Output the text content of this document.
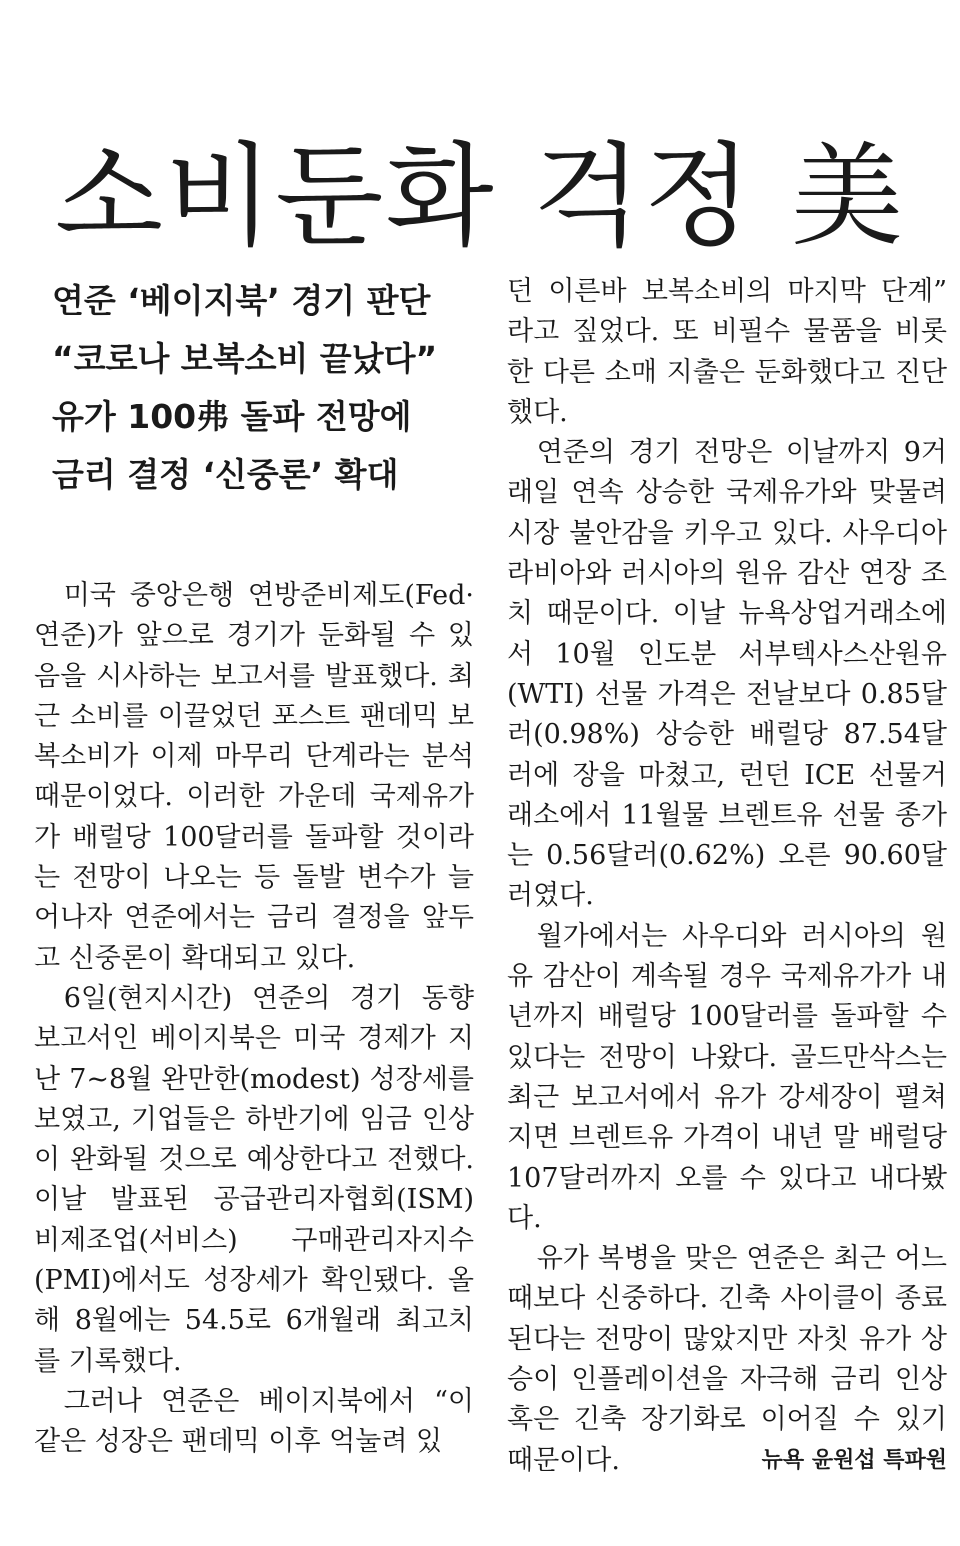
소비둔화 걱정 美
연준 ‘베이지북’ 경기 판단
“코로나 보복소비 끝났다”
유가 100弗 돌파 전망에
금리 결정 ‘신중론’ 확대

미국 중앙은행 연방준비제도(Fed·연준)가 앞으로 경기가 둔화될 수 있음을 시사하는 보고서를 발표했다. 최근 소비를 이끌었던 포스트 팬데믹 보복소비가 이제 마무리 단계라는 분석 때문이었다. 이러한 가운데 국제유가가 배럴당 100달러를 돌파할 것이라는 전망이 나오는 등 돌발 변수가 늘어나자 연준에서는 금리 결정을 앞두고 신중론이 확대되고 있다.

6일(현지시간) 연준의 경기 동향 보고서인 베이지북은 미국 경제가 지난 7~8월 완만한(modest) 성장세를 보였고, 기업들은 하반기에 임금 인상이 완화될 것으로 예상한다고 전했다. 이날 발표된 공급관리자협회(ISM) 비제조업(서비스) 구매관리자지수(PMI)에서도 성장세가 확인됐다. 올해 8월에는 54.5로 6개월래 최고치를 기록했다.

그러나 연준은 베이지북에서 “이 같은 성장은 팬데믹 이후 억눌려 있

던 이른바 보복소비의 마지막 단계” 라고 짚었다. 또 비필수 물품을 비롯한 다른 소매 지출은 둔화했다고 진단했다.

연준의 경기 전망은 이날까지 9거래일 연속 상승한 국제유가와 맞물려 시장 불안감을 키우고 있다. 사우디아라비아와 러시아의 원유 감산 연장 조치 때문이다. 이날 뉴욕상업거래소에서 10월 인도분 서부텍사스산원유(WTI) 선물 가격은 전날보다 0.85달러(0.98%) 상승한 배럴당 87.54달러에 장을 마쳤고, 런던 ICE 선물거래소에서 11월물 브렌트유 선물 종가는 0.56달러(0.62%) 오른 90.60달러였다.

월가에서는 사우디와 러시아의 원유 감산이 계속될 경우 국제유가가 내년까지 배럴당 100달러를 돌파할 수 있다는 전망이 나왔다. 골드만삭스는 최근 보고서에서 유가 강세장이 펼쳐지면 브렌트유 가격이 내년 말 배럴당 107달러까지 오를 수 있다고 내다봤다.

유가 복병을 맞은 연준은 최근 어느 때보다 신중하다. 긴축 사이클이 종료된다는 전망이 많았지만 자칫 유가 상승이 인플레이션을 자극해 금리 인상 혹은 긴축 장기화로 이어질 수 있기 때문이다.	뉴욕 윤원섭 특파원
